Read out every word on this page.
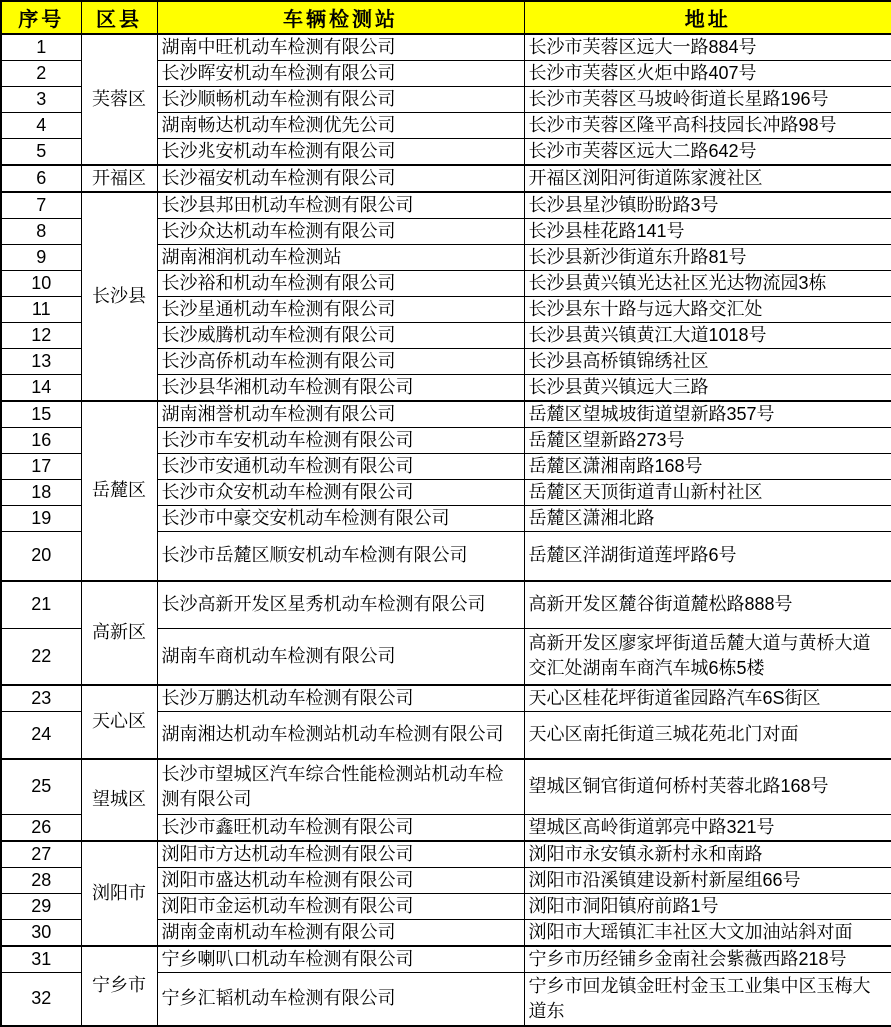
序号	区县	车辆检测站	地址
1	芙蓉区	湖南中旺机动车检测有限公司	长沙市芙蓉区远大一路884号
2		长沙晖安机动车检测有限公司	长沙市芙蓉区火炬中路407号
3		长沙顺畅机动车检测有限公司	长沙市芙蓉区马坡岭街道长星路196号
4		湖南畅达机动车检测优先公司	长沙市芙蓉区隆平高科技园长冲路98号
5		长沙兆安机动车检测有限公司	长沙市芙蓉区远大二路642号
6	开福区	长沙福安机动车检测有限公司	开福区浏阳河街道陈家渡社区
7	长沙县	长沙县邦田机动车检测有限公司	长沙县星沙镇盼盼路3号
8		长沙众达机动车检测有限公司	长沙县桂花路141号
9		湖南湘润机动车检测站	长沙县新沙街道东升路81号
10		长沙裕和机动车检测有限公司	长沙县黄兴镇光达社区光达物流园3栋
11		长沙星通机动车检测有限公司	长沙县东十路与远大路交汇处
12		长沙威腾机动车检测有限公司	长沙县黄兴镇黄江大道1018号
13		长沙高侨机动车检测有限公司	长沙县高桥镇锦绣社区
14		长沙县华湘机动车检测有限公司	长沙县黄兴镇远大三路
15	岳麓区	湖南湘誉机动车检测有限公司	岳麓区望城坡街道望新路357号
16		长沙市车安机动车检测有限公司	岳麓区望新路273号
17		长沙市安通机动车检测有限公司	岳麓区潇湘南路168号
18		长沙市众安机动车检测有限公司	岳麓区天顶街道青山新村社区
19		长沙市中豪交安机动车检测有限公司	岳麓区潇湘北路
20		长沙市岳麓区顺安机动车检测有限公司	岳麓区洋湖街道莲坪路6号
21	高新区	长沙高新开发区星秀机动车检测有限公司	高新开发区麓谷街道麓松路888号
22		湖南车商机动车检测有限公司	高新开发区廖家坪街道岳麓大道与黄桥大道交汇处湖南车商汽车城6栋5楼
23	天心区	长沙万鹏达机动车检测有限公司	天心区桂花坪街道雀园路汽车6S街区
24		湖南湘达机动车检测站机动车检测有限公司	天心区南托街道三城花苑北门对面
25	望城区	长沙市望城区汽车综合性能检测站机动车检测有限公司	望城区铜官街道何桥村芙蓉北路168号
26		长沙市鑫旺机动车检测有限公司	望城区高岭街道郭亮中路321号
27	浏阳市	浏阳市方达机动车检测有限公司	浏阳市永安镇永新村永和南路
28		浏阳市盛达机动车检测有限公司	浏阳市沿溪镇建设新村新屋组66号
29		浏阳市金运机动车检测有限公司	浏阳市洞阳镇府前路1号
30		湖南金南机动车检测有限公司	浏阳市大瑶镇汇丰社区大文加油站斜对面
31	宁乡市	宁乡喇叭口机动车检测有限公司	宁乡市历经铺乡金南社会紫薇西路218号
32		宁乡汇韬机动车检测有限公司	宁乡市回龙镇金旺村金玉工业集中区玉梅大道东
